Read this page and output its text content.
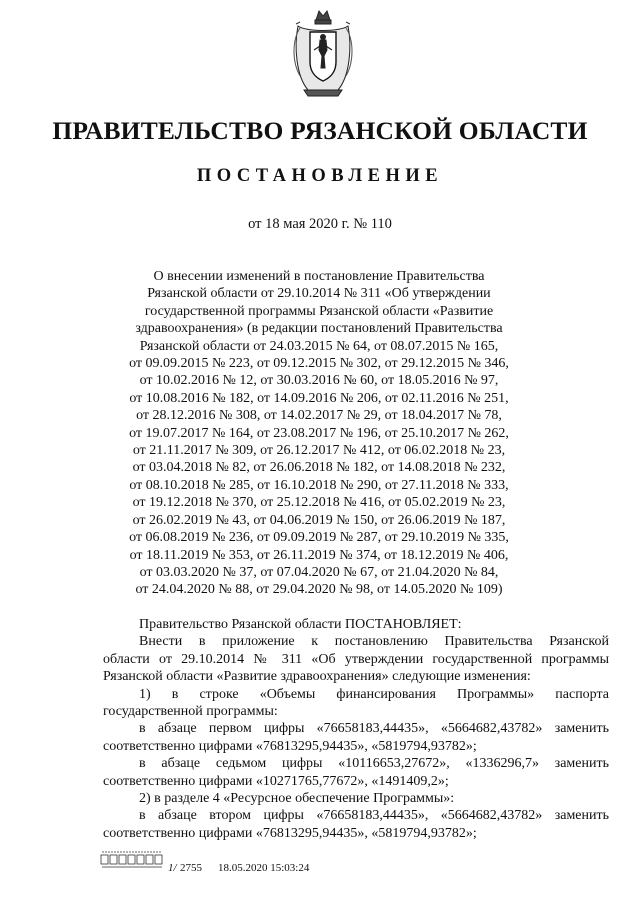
ПРАВИТЕЛЬСТВО РЯЗАНСКОЙ ОБЛАСТИ
ПОСТАНОВЛЕНИЕ
от 18 мая 2020 г. № 110
О внесении изменений в постановление Правительства
Рязанской области от 29.10.2014 № 311 «Об утверждении
государственной программы Рязанской области «Развитие
здравоохранения» (в редакции постановлений Правительства
Рязанской области от 24.03.2015 № 64, от 08.07.2015 № 165,
от 09.09.2015 № 223, от 09.12.2015 № 302, от 29.12.2015 № 346,
от 10.02.2016 № 12, от 30.03.2016 № 60, от 18.05.2016 № 97,
от 10.08.2016 № 182, от 14.09.2016 № 206, от 02.11.2016 № 251,
от 28.12.2016 № 308, от 14.02.2017 № 29, от 18.04.2017 № 78,
от 19.07.2017 № 164, от 23.08.2017 № 196, от 25.10.2017 № 262,
от 21.11.2017 № 309, от 26.12.2017 № 412, от 06.02.2018 № 23,
от 03.04.2018 № 82, от 26.06.2018 № 182, от 14.08.2018 № 232,
от 08.10.2018 № 285, от 16.10.2018 № 290, от 27.11.2018 № 333,
от 19.12.2018 № 370, от 25.12.2018 № 416, от 05.02.2019 № 23,
от 26.02.2019 № 43, от 04.06.2019 № 150, от 26.06.2019 № 187,
от 06.08.2019 № 236, от 09.09.2019 № 287, от 29.10.2019 № 335,
от 18.11.2019 № 353, от 26.11.2019 № 374, от 18.12.2019 № 406,
от 03.03.2020 № 37, от 07.04.2020 № 67, от 21.04.2020 № 84,
от 24.04.2020 № 88, от 29.04.2020 № 98, от 14.05.2020 № 109)
Правительство Рязанской области ПОСТАНОВЛЯЕТ:
Внести в приложение к постановлению Правительства Рязанской
области от 29.10.2014 № 311 «Об утверждении государственной программы
Рязанской области «Развитие здравоохранения» следующие изменения:
1) в строке «Объемы финансирования Программы» паспорта
государственной программы:
в абзаце первом цифры «76658183,44435», «5664682,43782» заменить
соответственно цифрами «76813295,94435», «5819794,93782»;
в абзаце седьмом цифры «10116653,27672», «1336296,7» заменить
соответственно цифрами «10271765,77672», «1491409,2»;
2) в разделе 4 «Ресурсное обеспечение Программы»:
в абзаце втором цифры «76658183,44435», «5664682,43782» заменить
соответственно цифрами «76813295,94435», «5819794,93782»;
1/ 2755 18.05.2020 15:03:24
